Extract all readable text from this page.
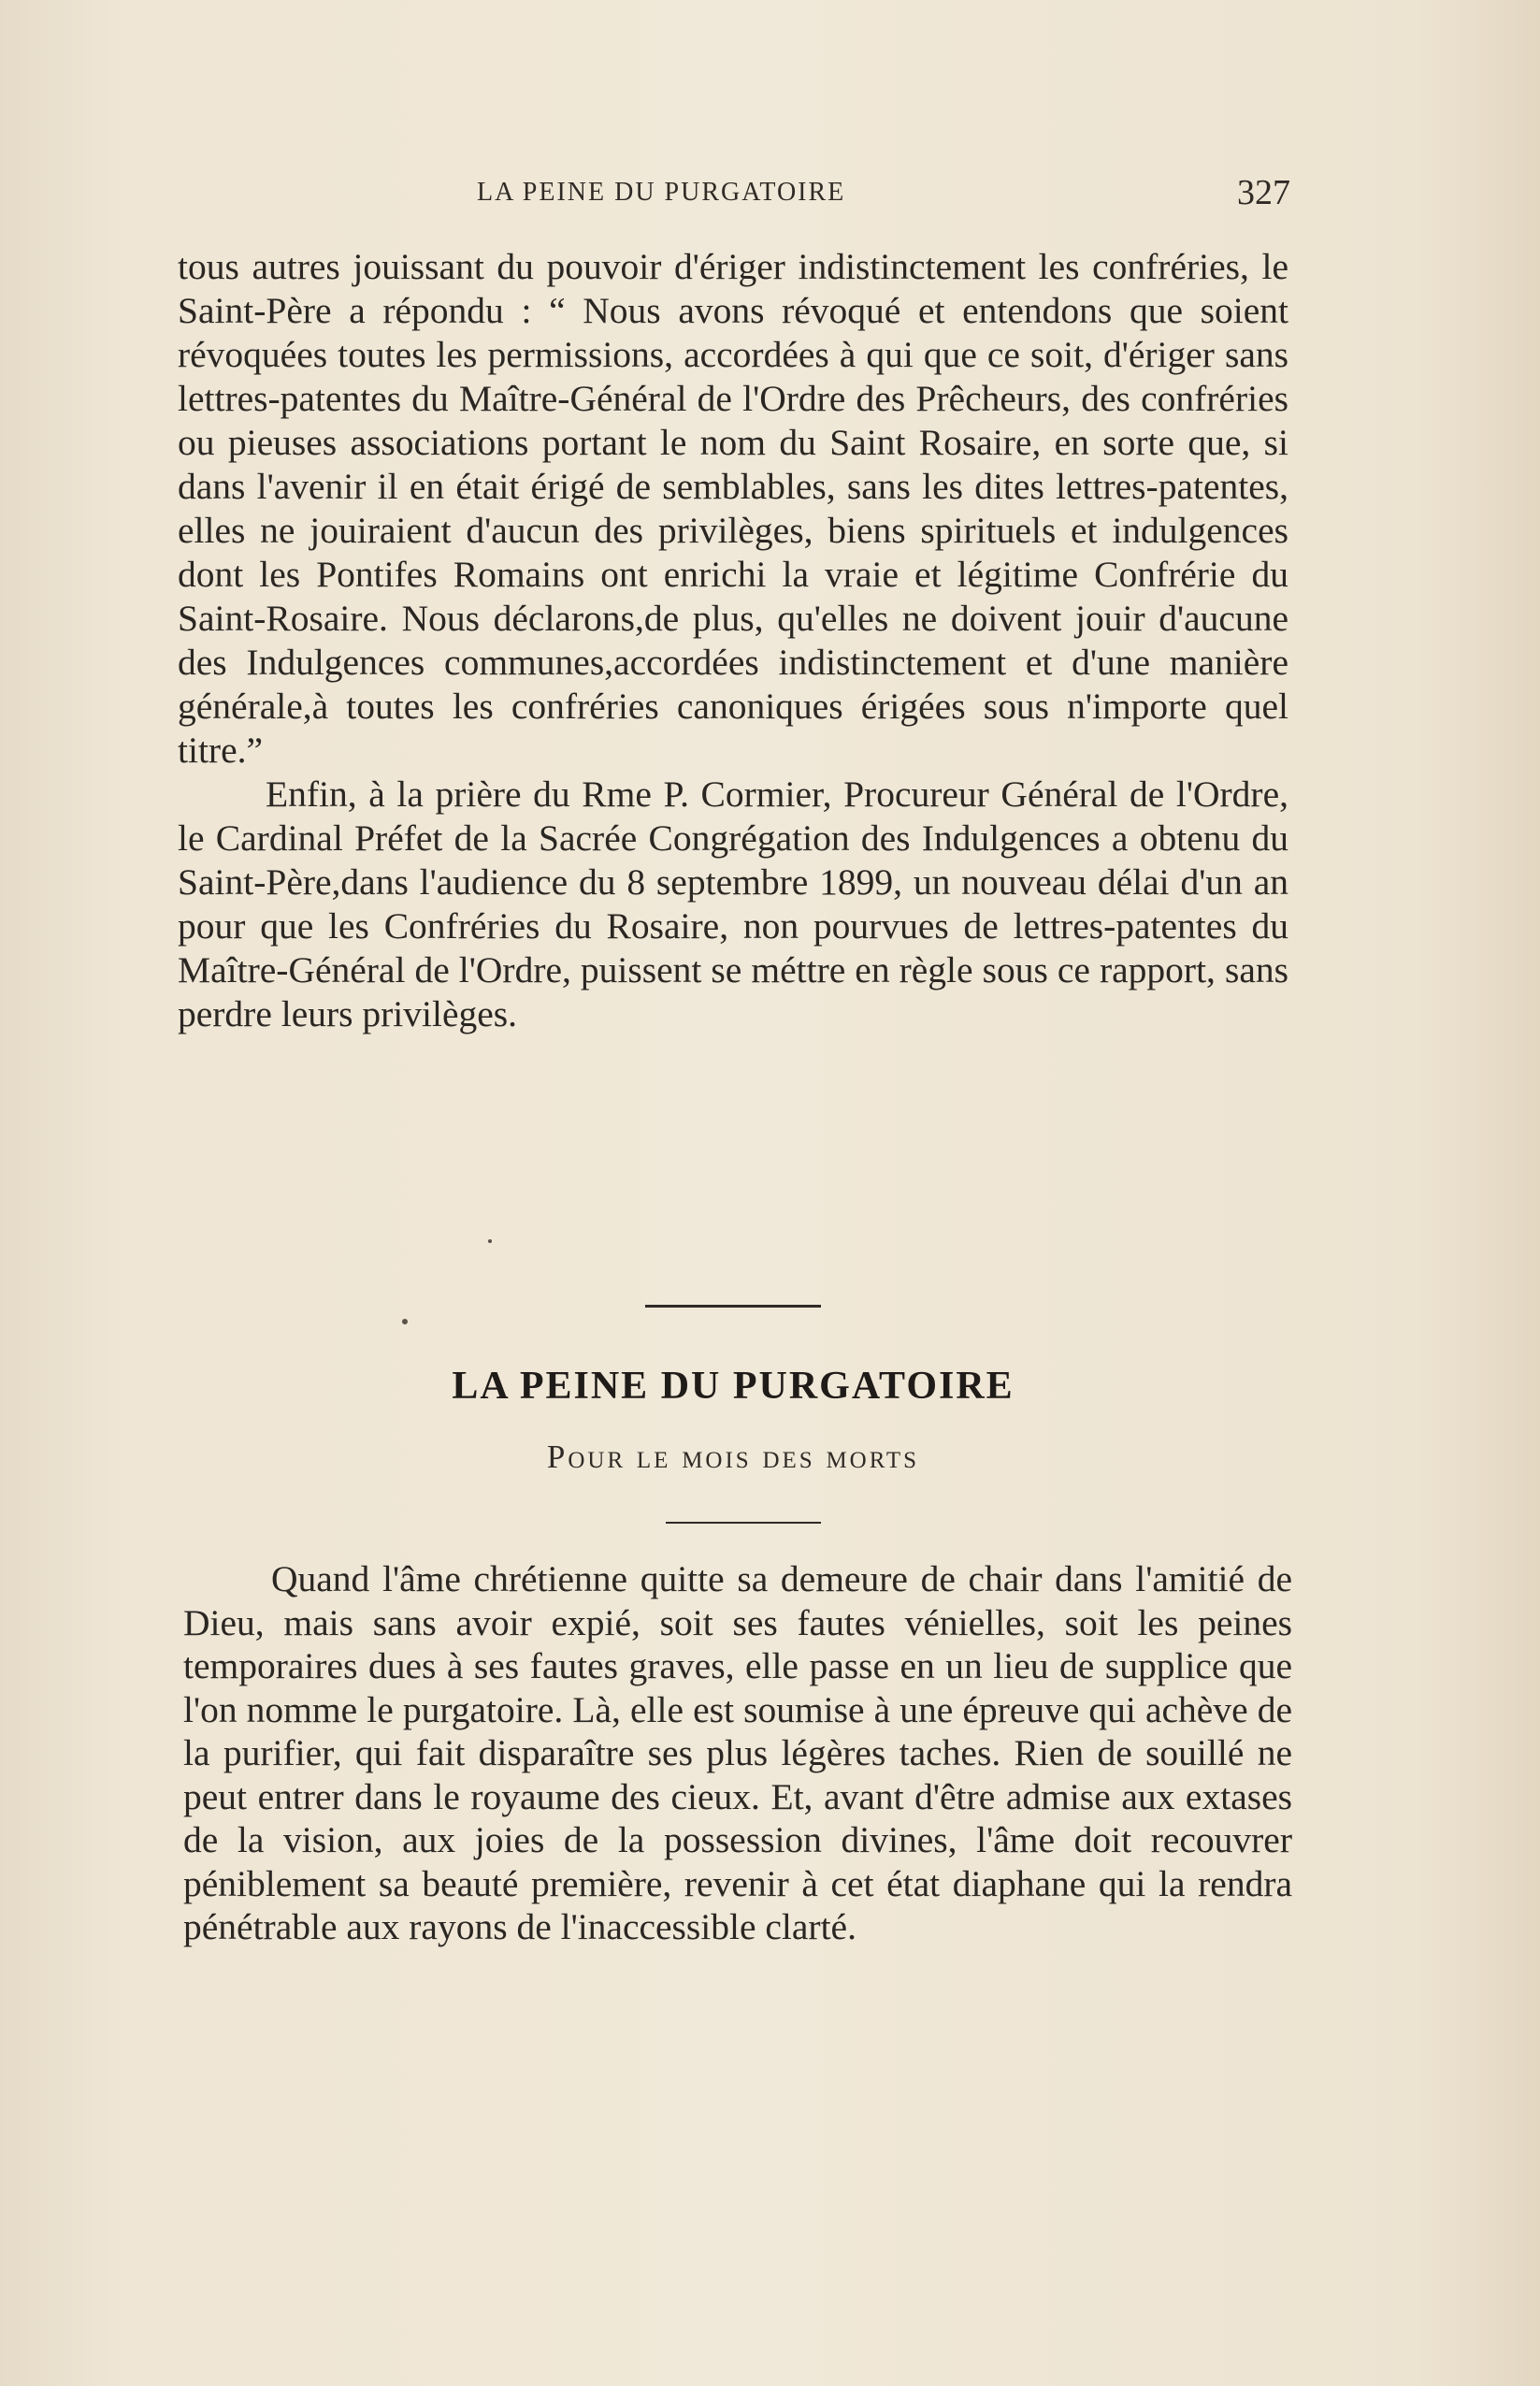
LA PEINE DU PURGATOIRE	327

tous autres jouissant du pouvoir d'ériger indistinctement les confréries, le Saint-Père a répondu : “ Nous avons révoqué et entendons que soient révoquées toutes les permissions, accordées à qui que ce soit, d'ériger sans lettres-patentes du Maître-Général de l'Ordre des Prêcheurs, des confréries ou pieuses associations portant le nom du Saint Rosaire, en sorte que, si dans l'avenir il en était érigé de semblables, sans les dites lettres-patentes, elles ne jouiraient d'aucun des privilèges, biens spirituels et indulgences dont les Pontifes Romains ont enrichi la vraie et légitime Confrérie du Saint-Rosaire. Nous déclarons,de plus, qu'elles ne doivent jouir d'aucune des Indulgences communes,accordées indistinctement et d'une manière générale,à toutes les confréries canoniques érigées sous n'importe quel titre.”

Enfin, à la prière du Rme P. Cormier, Procureur Général de l'Ordre, le Cardinal Préfet de la Sacrée Congrégation des Indulgences a obtenu du Saint-Père,dans l'audience du 8 septembre 1899, un nouveau délai d'un an pour que les Confréries du Rosaire, non pourvues de lettres-patentes du Maître-Général de l'Ordre, puissent se méttre en règle sous ce rapport, sans perdre leurs privilèges.

LA PEINE DU PURGATOIRE
Pour le mois des morts

Quand l'âme chrétienne quitte sa demeure de chair dans l'amitié de Dieu, mais sans avoir expié, soit ses fautes vénielles, soit les peines temporaires dues à ses fautes graves, elle passe en un lieu de supplice que l'on nomme le purgatoire. Là, elle est soumise à une épreuve qui achève de la purifier, qui fait disparaître ses plus légères taches. Rien de souillé ne peut entrer dans le royaume des cieux. Et, avant d'être admise aux extases de la vision, aux joies de la possession divines, l'âme doit recouvrer péniblement sa beauté première, revenir à cet état diaphane qui la rendra pénétrable aux rayons de l'inaccessible clarté.
